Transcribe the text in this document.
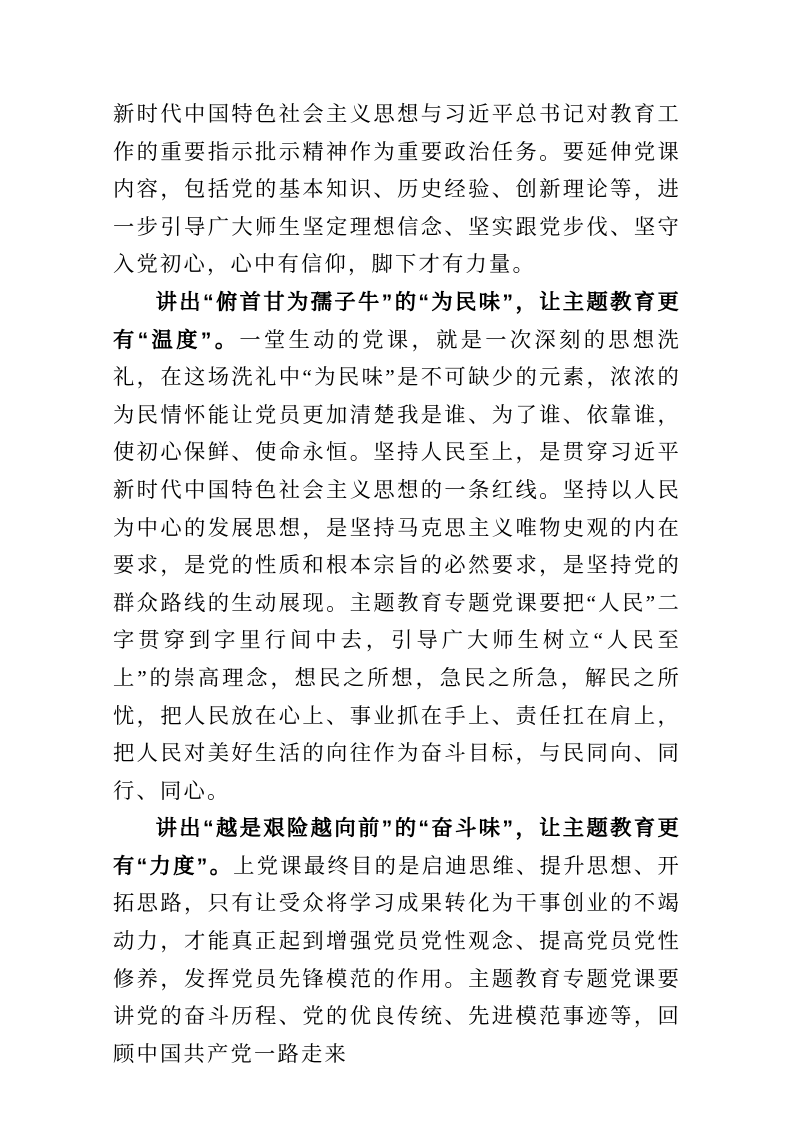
新时代中国特色社会主义思想与习近平总书记对教育工作的重要指示批示精神作为重要政治任务。要延伸党课内容，包括党的基本知识、历史经验、创新理论等，进一步引导广大师生坚定理想信念、坚实跟党步伐、坚守入党初心，心中有信仰，脚下才有力量。

讲出“俯首甘为孺子牛”的“为民味”，让主题教育更有“温度”。一堂生动的党课，就是一次深刻的思想洗礼，在这场洗礼中“为民味”是不可缺少的元素，浓浓的为民情怀能让党员更加清楚我是谁、为了谁、依靠谁，使初心保鲜、使命永恒。坚持人民至上，是贯穿习近平新时代中国特色社会主义思想的一条红线。坚持以人民为中心的发展思想，是坚持马克思主义唯物史观的内在要求，是党的性质和根本宗旨的必然要求，是坚持党的群众路线的生动展现。主题教育专题党课要把“人民”二字贯穿到字里行间中去，引导广大师生树立“人民至上”的崇高理念，想民之所想，急民之所急，解民之所忧，把人民放在心上、事业抓在手上、责任扛在肩上，把人民对美好生活的向往作为奋斗目标，与民同向、同行、同心。

讲出“越是艰险越向前”的“奋斗味”，让主题教育更有“力度”。上党课最终目的是启迪思维、提升思想、开拓思路，只有让受众将学习成果转化为干事创业的不竭动力，才能真正起到增强党员党性观念、提高党员党性修养，发挥党员先锋模范的作用。主题教育专题党课要讲党的奋斗历程、党的优良传统、先进模范事迹等，回顾中国共产党一路走来
